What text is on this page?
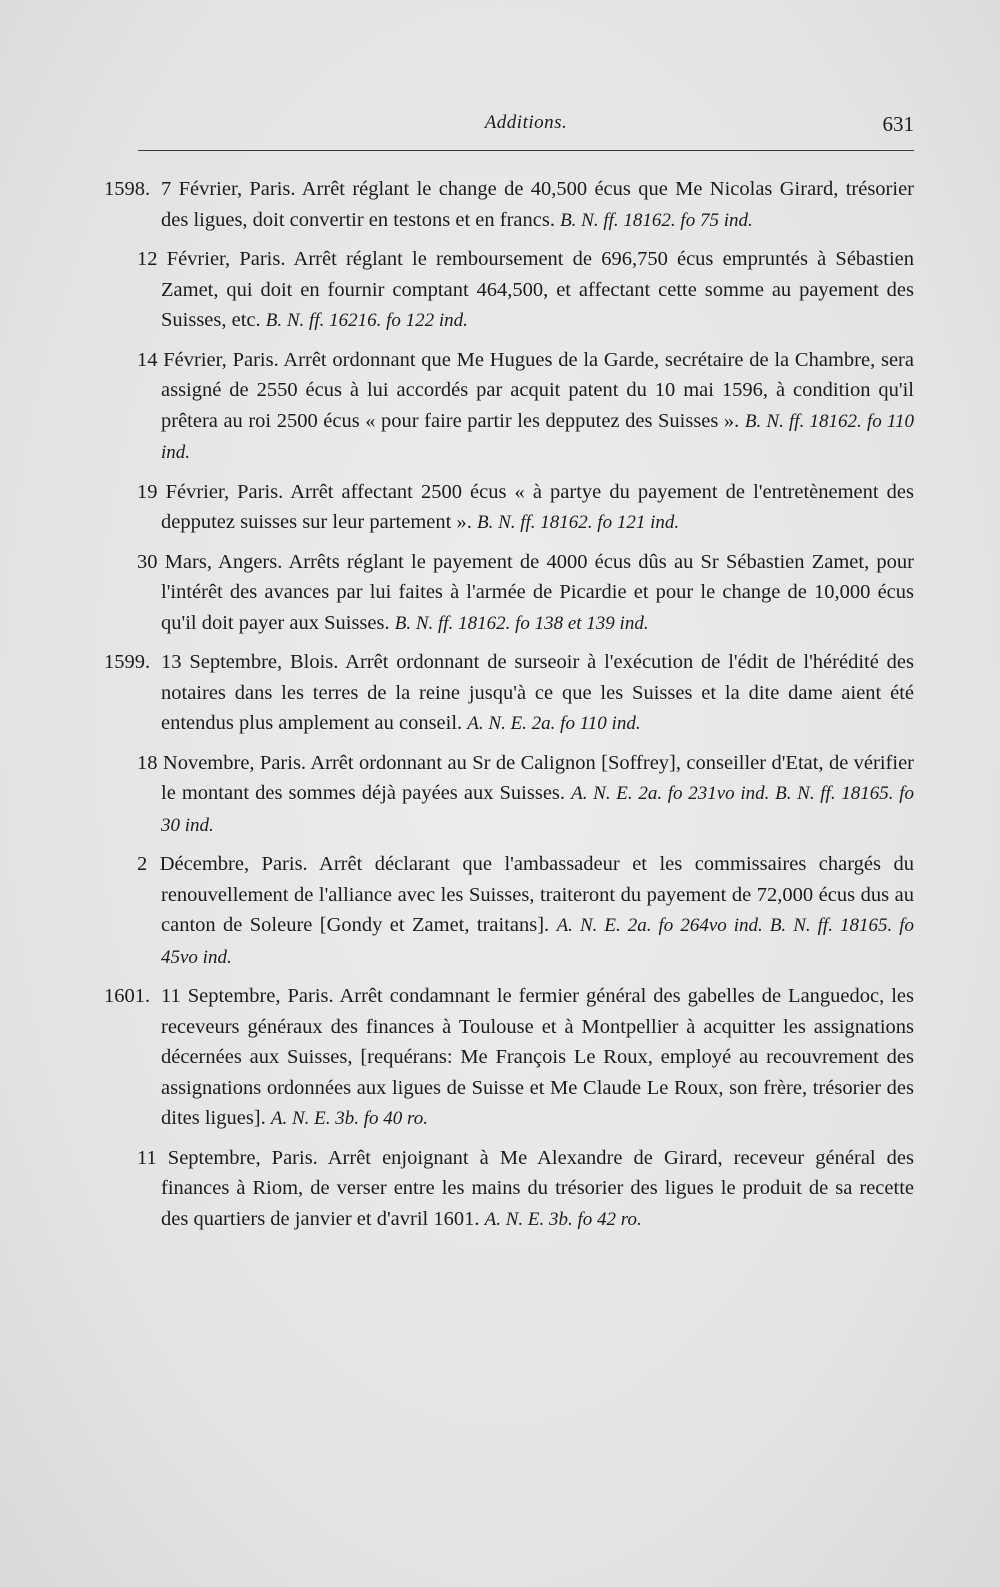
Additions.	631
1598. 7 Février, Paris. Arrêt réglant le change de 40,500 écus que Me Nicolas Girard, trésorier des ligues, doit convertir en testons et en francs. B. N. ff. 18162. fo 75 ind.
12 Février, Paris. Arrêt réglant le remboursement de 696,750 écus empruntés à Sébastien Zamet, qui doit en fournir comptant 464,500, et affectant cette somme au payement des Suisses, etc. B. N. ff. 16216. fo 122 ind.
14 Février, Paris. Arrêt ordonnant que Me Hugues de la Garde, secrétaire de la Chambre, sera assigné de 2550 écus à lui accordés par acquit patent du 10 mai 1596, à condition qu'il prêtera au roi 2500 écus « pour faire partir les depputez des Suisses ». B. N. ff. 18162. fo 110 ind.
19 Février, Paris. Arrêt affectant 2500 écus « à partye du payement de l'entretènement des depputez suisses sur leur partement ». B. N. ff. 18162. fo 121 ind.
30 Mars, Angers. Arrêts réglant le payement de 4000 écus dûs au Sr Sébastien Zamet, pour l'intérêt des avances par lui faites à l'armée de Picardie et pour le change de 10,000 écus qu'il doit payer aux Suisses. B. N. ff. 18162. fo 138 et 139 ind.
1599. 13 Septembre, Blois. Arrêt ordonnant de surseoir à l'exécution de l'édit de l'hérédité des notaires dans les terres de la reine jusqu'à ce que les Suisses et la dite dame aient été entendus plus amplement au conseil. A. N. E. 2a. fo 110 ind.
18 Novembre, Paris. Arrêt ordonnant au Sr de Calignon [Soffrey], conseiller d'Etat, de vérifier le montant des sommes déjà payées aux Suisses. A. N. E. 2a. fo 231vo ind. B. N. ff. 18165. fo 30 ind.
2 Décembre, Paris. Arrêt déclarant que l'ambassadeur et les commissaires chargés du renouvellement de l'alliance avec les Suisses, traiteront du payement de 72,000 écus dus au canton de Soleure [Gondy et Zamet, traitans]. A. N. E. 2a. fo 264vo ind. B. N. ff. 18165. fo 45vo ind.
1601. 11 Septembre, Paris. Arrêt condamnant le fermier général des gabelles de Languedoc, les receveurs généraux des finances à Toulouse et à Montpellier à acquitter les assignations décernées aux Suisses, [requérans: Me François Le Roux, employé au recouvrement des assignations ordonnées aux ligues de Suisse et Me Claude Le Roux, son frère, trésorier des dites ligues]. A. N. E. 3b. fo 40 ro.
11 Septembre, Paris. Arrêt enjoignant à Me Alexandre de Girard, receveur général des finances à Riom, de verser entre les mains du trésorier des ligues le produit de sa recette des quartiers de janvier et d'avril 1601. A. N. E. 3b. fo 42 ro.
